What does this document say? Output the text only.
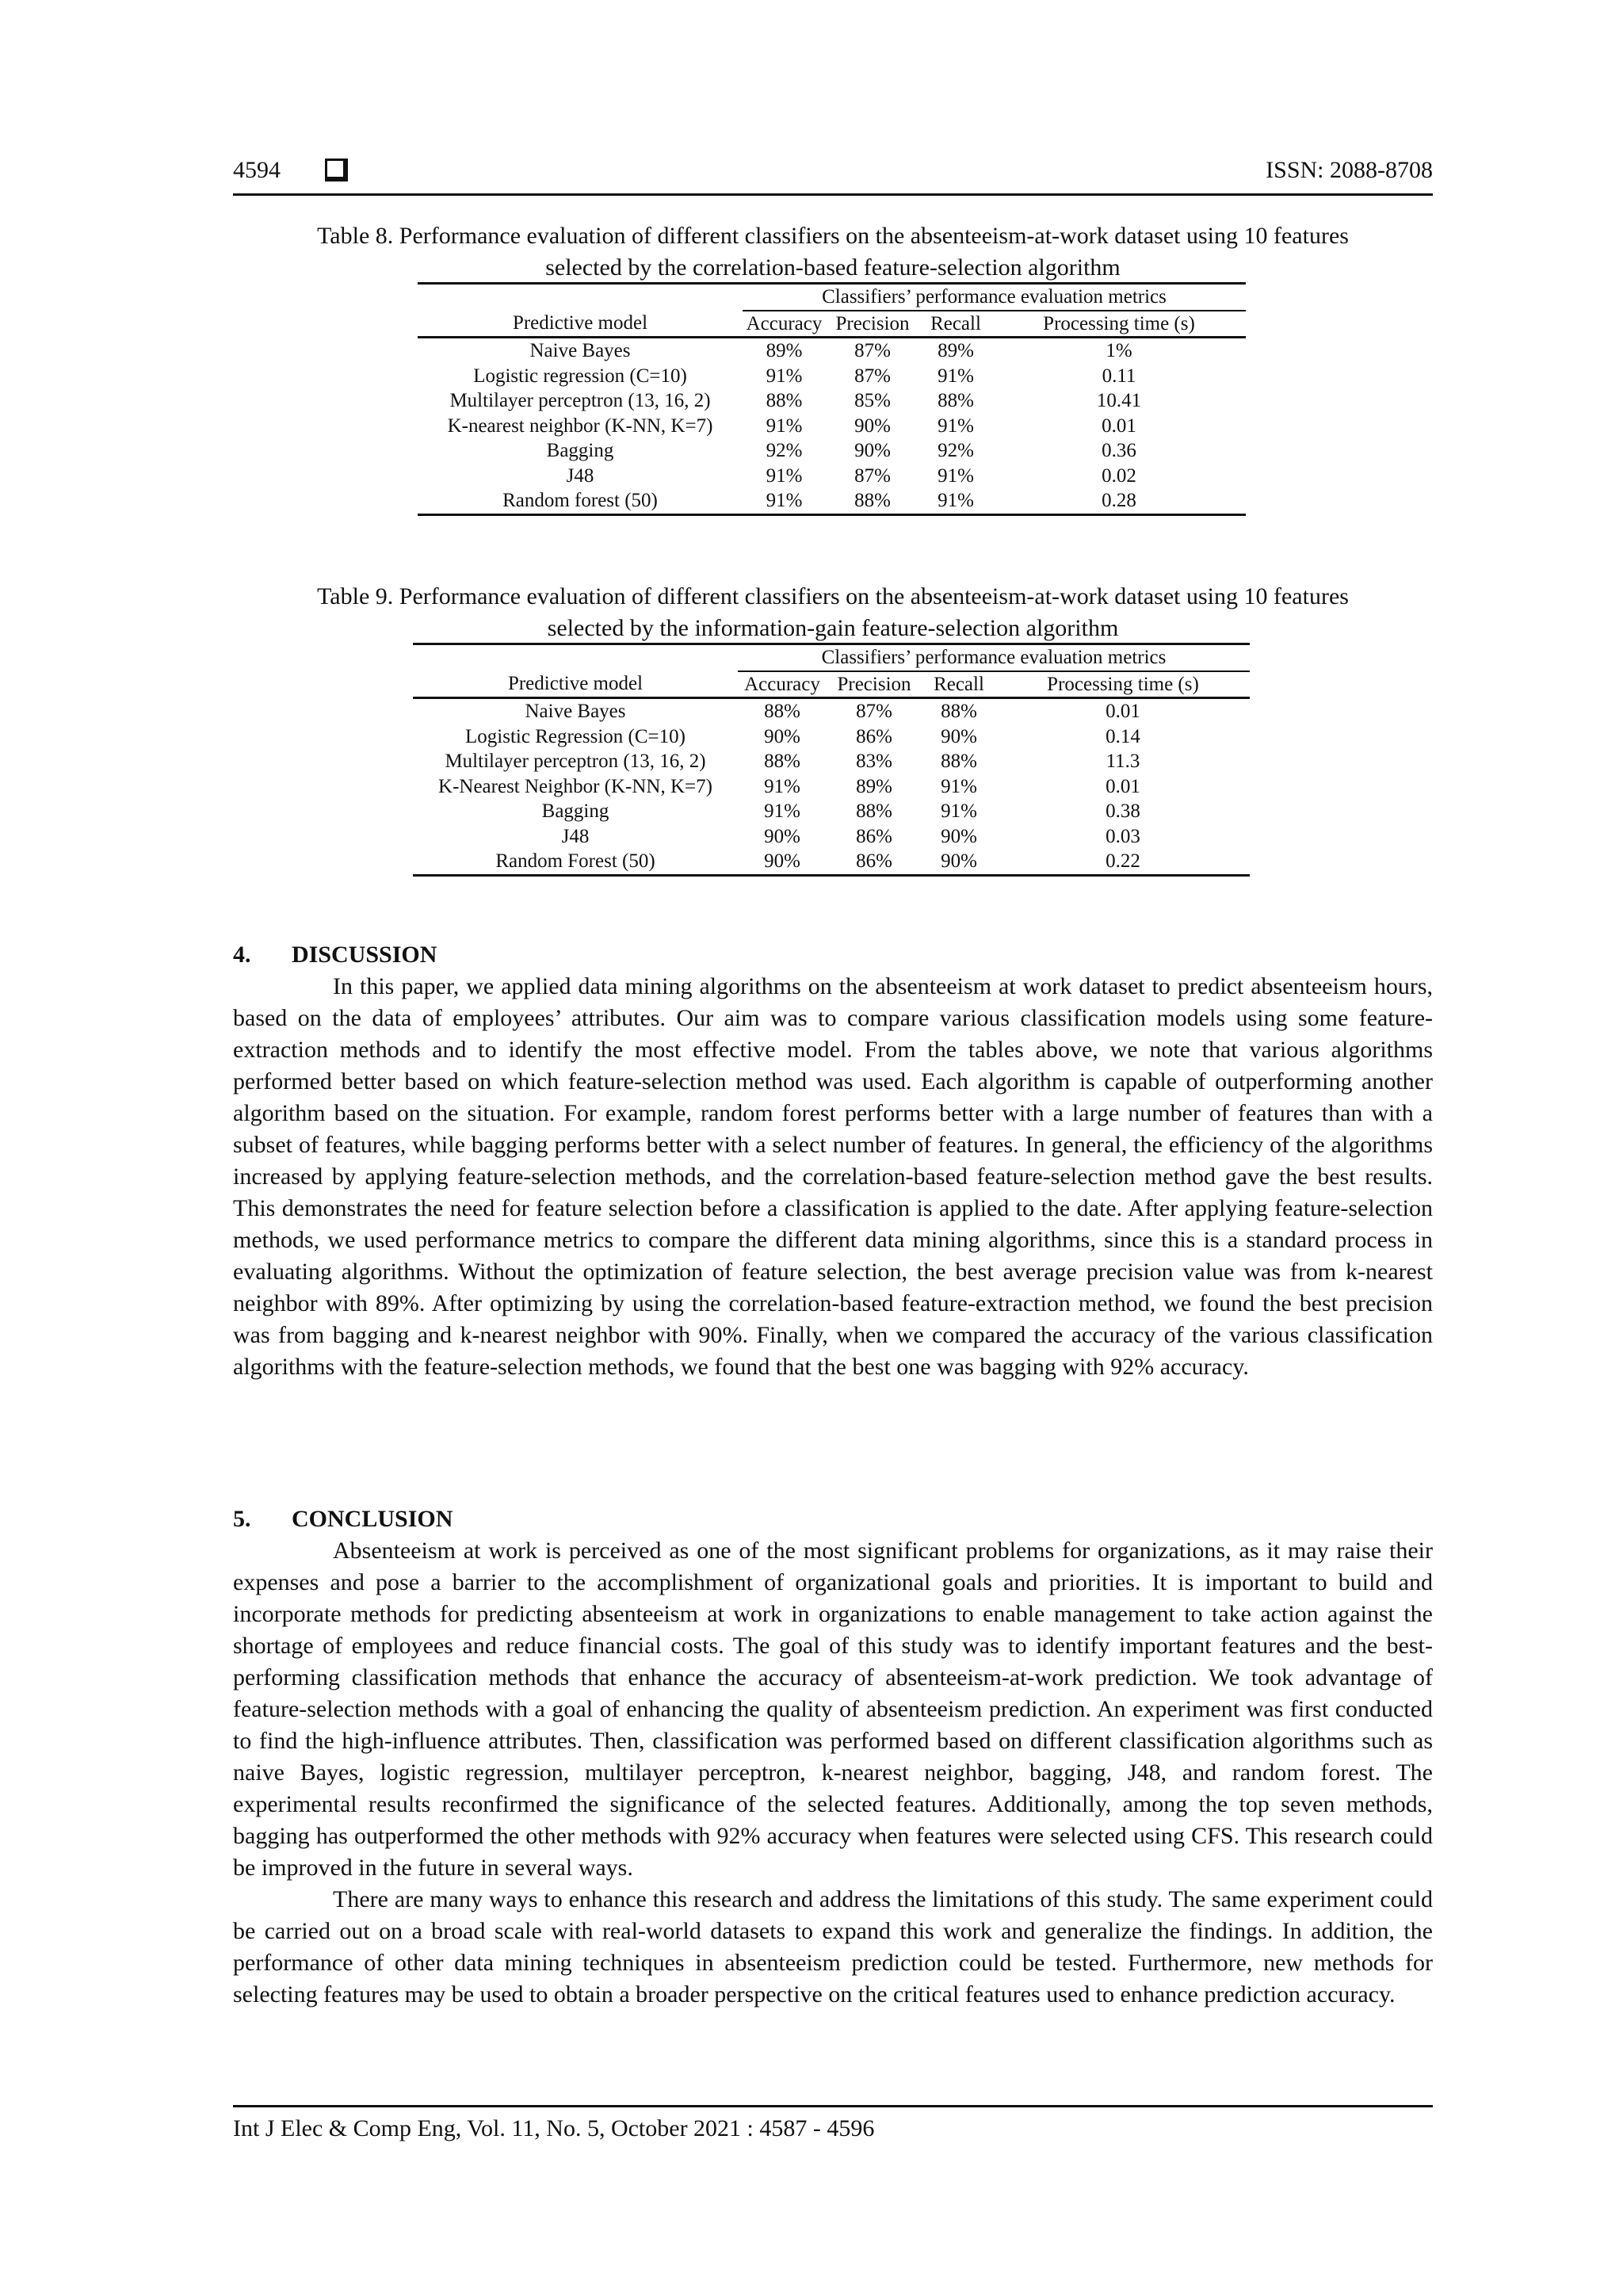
4594	ISSN: 2088-8708
Table 8. Performance evaluation of different classifiers on the absenteeism-at-work dataset using 10 features
selected by the correlation-based feature-selection algorithm
	Classifiers’ performance evaluation metrics			
Predictive model	Accuracy	Precision	Recall	Processing time (s)
Naive Bayes	89%	87%	89%	1%
Logistic regression (C=10)	91%	87%	91%	0.11
Multilayer perceptron (13, 16, 2)	88%	85%	88%	10.41
K-nearest neighbor (K-NN, K=7)	91%	90%	91%	0.01
Bagging	92%	90%	92%	0.36
J48	91%	87%	91%	0.02
Random forest (50)	91%	88%	91%	0.28
Table 9. Performance evaluation of different classifiers on the absenteeism-at-work dataset using 10 features
selected by the information-gain feature-selection algorithm
	Classifiers’ performance evaluation metrics			
Predictive model	Accuracy	Precision	Recall	Processing time (s)
Naive Bayes	88%	87%	88%	0.01
Logistic Regression (C=10)	90%	86%	90%	0.14
Multilayer perceptron (13, 16, 2)	88%	83%	88%	11.3
K-Nearest Neighbor (K-NN, K=7)	91%	89%	91%	0.01
Bagging	91%	88%	91%	0.38
J48	90%	86%	90%	0.03
Random Forest (50)	90%	86%	90%	0.22
4. DISCUSSION

In this paper, we applied data mining algorithms on the absenteeism at work dataset to predict absenteeism hours, based on the data of employees’ attributes. Our aim was to compare various classification models using some feature-extraction methods and to identify the most effective model. From the tables above, we note that various algorithms performed better based on which feature-selection method was used. Each algorithm is capable of outperforming another algorithm based on the situation. For example, random forest performs better with a large number of features than with a subset of features, while bagging performs better with a select number of features. In general, the efficiency of the algorithms increased by applying feature-selection methods, and the correlation-based feature-selection method gave the best results. This demonstrates the need for feature selection before a classification is applied to the date. After applying feature-selection methods, we used performance metrics to compare the different data mining algorithms, since this is a standard process in evaluating algorithms. Without the optimization of feature selection, the best average precision value was from k-nearest neighbor with 89%. After optimizing by using the correlation-based feature-extraction method, we found the best precision was from bagging and k-nearest neighbor with 90%. Finally, when we compared the accuracy of the various classification algorithms with the feature-selection methods, we found that the best one was bagging with 92% accuracy.

5. CONCLUSION

Absenteeism at work is perceived as one of the most significant problems for organizations, as it may raise their expenses and pose a barrier to the accomplishment of organizational goals and priorities. It is important to build and incorporate methods for predicting absenteeism at work in organizations to enable management to take action against the shortage of employees and reduce financial costs. The goal of this study was to identify important features and the best-performing classification methods that enhance the accuracy of absenteeism-at-work prediction. We took advantage of feature-selection methods with a goal of enhancing the quality of absenteeism prediction. An experiment was first conducted to find the high-influence attributes. Then, classification was performed based on different classification algorithms such as naive Bayes, logistic regression, multilayer perceptron, k-nearest neighbor, bagging, J48, and random forest. The experimental results reconfirmed the significance of the selected features. Additionally, among the top seven methods, bagging has outperformed the other methods with 92% accuracy when features were selected using CFS. This research could be improved in the future in several ways.

There are many ways to enhance this research and address the limitations of this study. The same experiment could be carried out on a broad scale with real-world datasets to expand this work and generalize the findings. In addition, the performance of other data mining techniques in absenteeism prediction could be tested. Furthermore, new methods for selecting features may be used to obtain a broader perspective on the critical features used to enhance prediction accuracy.

Int J Elec & Comp Eng, Vol. 11, No. 5, October 2021 : 4587 - 4596
